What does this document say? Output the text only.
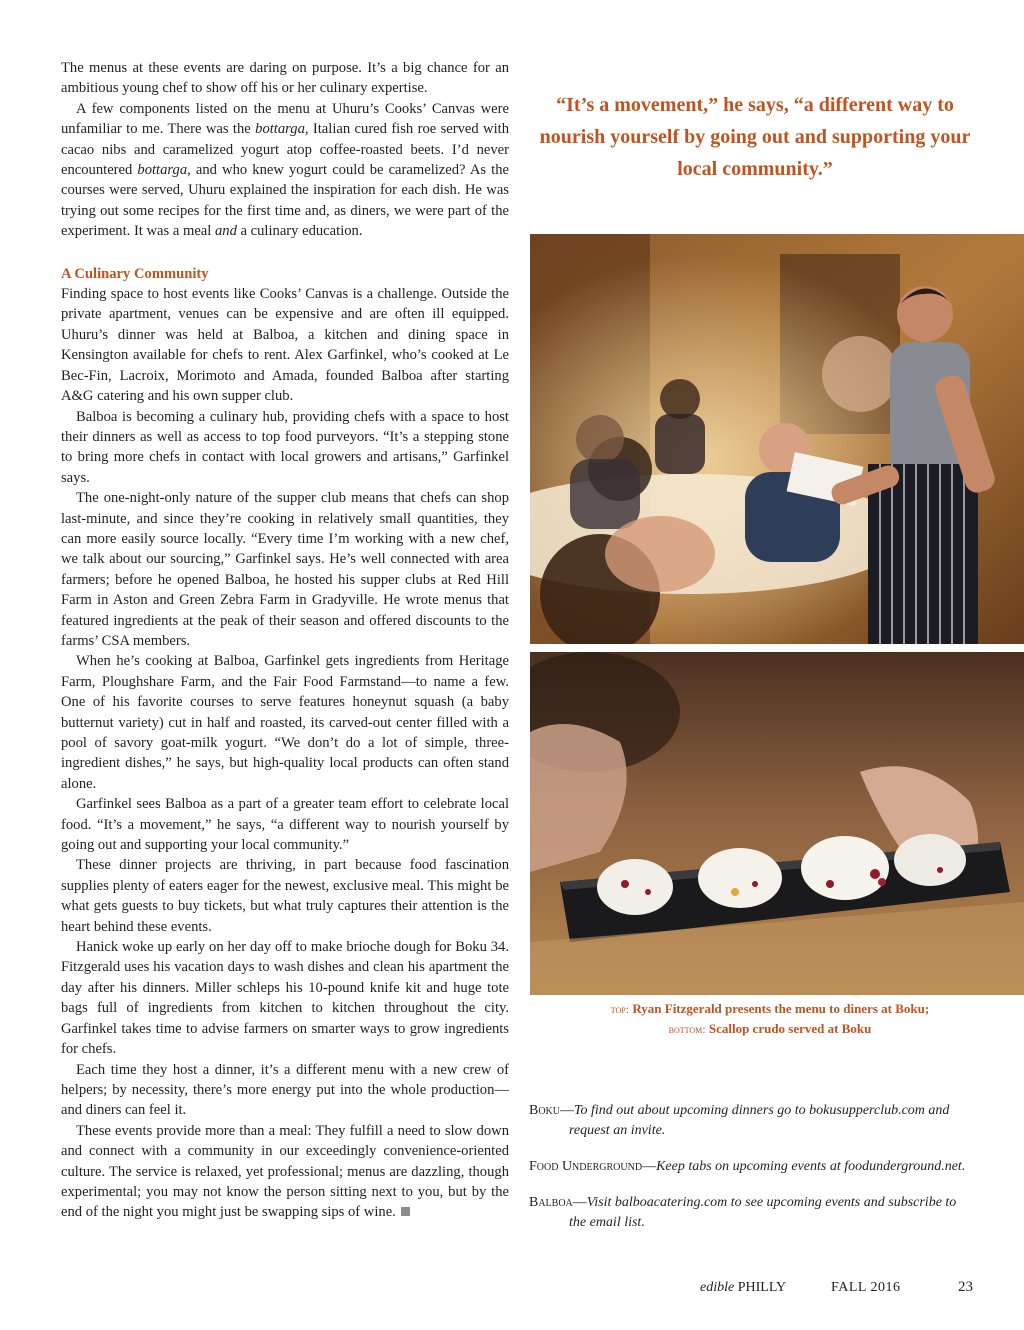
The menus at these events are daring on purpose. It’s a big chance for an ambitious young chef to show off his or her culinary expertise.

A few components listed on the menu at Uhuru’s Cooks’ Canvas were unfamiliar to me. There was the bottarga, Italian cured fish roe served with cacao nibs and caramelized yogurt atop coffee-roasted beets. I’d never encountered bottarga, and who knew yogurt could be caramelized? As the courses were served, Uhuru explained the inspiration for each dish. He was trying out some recipes for the first time and, as diners, we were part of the experiment. It was a meal and a culinary education.

A Culinary Community

Finding space to host events like Cooks’ Canvas is a challenge. Outside the private apartment, venues can be expensive and are often ill equipped. Uhuru’s dinner was held at Balboa, a kitchen and dining space in Kensington available for chefs to rent. Alex Garfinkel, who’s cooked at Le Bec-Fin, Lacroix, Morimoto and Amada, founded Balboa after starting A&G catering and his own supper club.

Balboa is becoming a culinary hub, providing chefs with a space to host their dinners as well as access to top food purveyors. “It’s a stepping stone to bring more chefs in contact with local growers and artisans,” Garfinkel says.

The one-night-only nature of the supper club means that chefs can shop last-minute, and since they’re cooking in relatively small quantities, they can more easily source locally. “Every time I’m working with a new chef, we talk about our sourcing,” Garfinkel says. He’s well connected with area farmers; before he opened Balboa, he hosted his supper clubs at Red Hill Farm in Aston and Green Zebra Farm in Gradyville. He wrote menus that featured ingredients at the peak of their season and offered discounts to the farms’ CSA members.

When he’s cooking at Balboa, Garfinkel gets ingredients from Heritage Farm, Ploughshare Farm, and the Fair Food Farmstand—to name a few. One of his favorite courses to serve features honeynut squash (a baby butternut variety) cut in half and roasted, its carved-out center filled with a pool of savory goat-milk yogurt. “We don’t do a lot of simple, three-ingredient dishes,” he says, but high-quality local products can often stand alone.

Garfinkel sees Balboa as a part of a greater team effort to celebrate local food. “It’s a movement,” he says, “a different way to nourish yourself by going out and supporting your local community.”

These dinner projects are thriving, in part because food fascination supplies plenty of eaters eager for the newest, exclusive meal. This might be what gets guests to buy tickets, but what truly captures their attention is the heart behind these events.

Hanick woke up early on her day off to make brioche dough for Boku 34. Fitzgerald uses his vacation days to wash dishes and clean his apartment the day after his dinners. Miller schleps his 10-pound knife kit and huge tote bags full of ingredients from kitchen to kitchen throughout the city. Garfinkel takes time to advise farmers on smarter ways to grow ingredients for chefs.

Each time they host a dinner, it’s a different menu with a new crew of helpers; by necessity, there’s more energy put into the whole production—and diners can feel it.

These events provide more than a meal: They fulfill a need to slow down and connect with a community in our exceedingly convenience-oriented culture. The service is relaxed, yet professional; menus are dazzling, though experimental; you may not know the person sitting next to you, but by the end of the night you might just be swapping sips of wine.

“It’s a movement,” he says, “a different way to nourish yourself by going out and supporting your local community.”
top: Ryan Fitzgerald presents the menu to diners at Boku;
bottom: Scallop crudo served at Boku

Boku—To find out about upcoming dinners go to bokusupperclub.com and request an invite.

Food Underground—Keep tabs on upcoming events at foodunderground.net.

Balboa—Visit balboacatering.com to see upcoming events and subscribe to the email list.

edible PHILLY	FALL 2016	23
